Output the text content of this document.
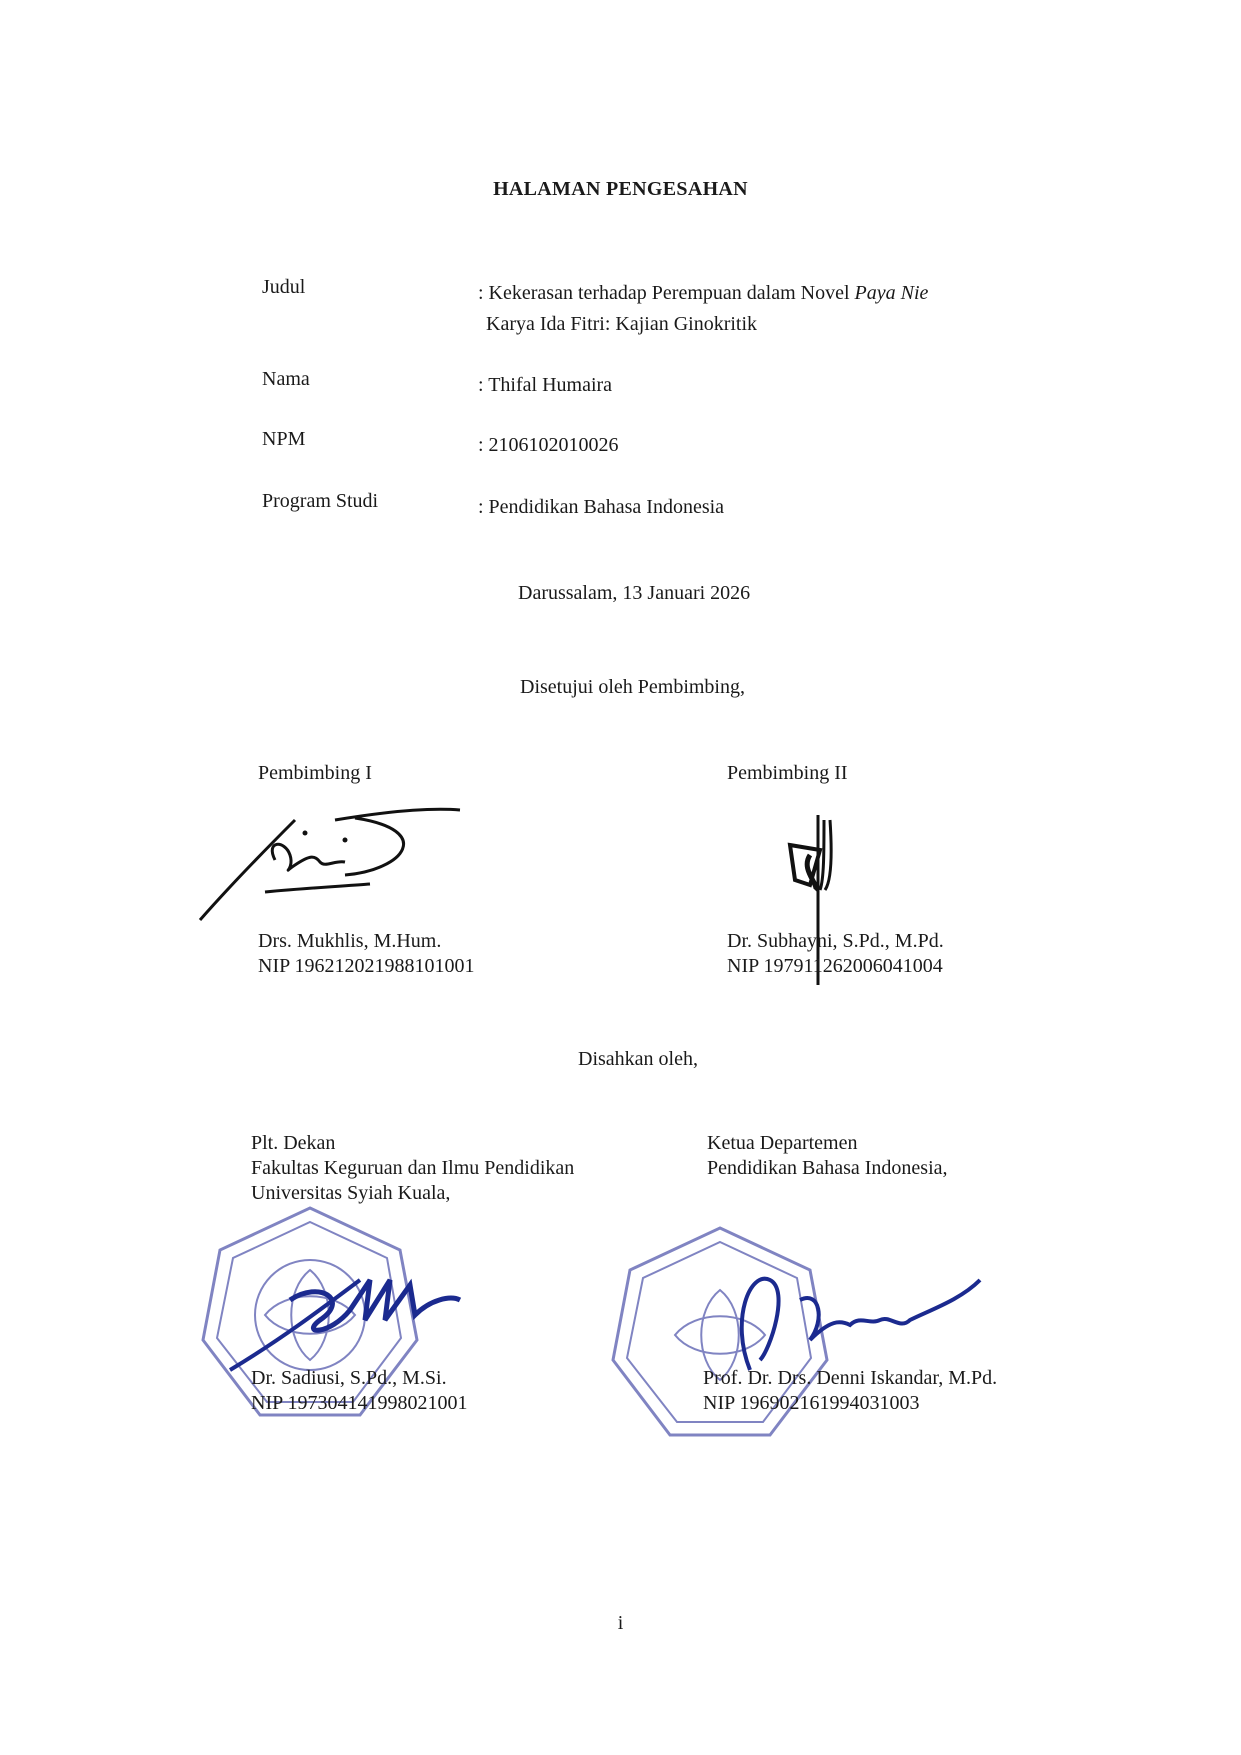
HALAMAN PENGESAHAN
Judul	: Kekerasan terhadap Perempuan dalam Novel Paya Nie
Karya Ida Fitri: Kajian Ginokritik
Nama	: Thifal Humaira
NPM	: 2106102010026
Program Studi	: Pendidikan Bahasa Indonesia
Darussalam, 13 Januari 2026
Disetujui oleh Pembimbing,
Pembimbing I
Drs. Mukhlis, M.Hum.
NIP 196212021988101001
Pembimbing II
Dr. Subhayni, S.Pd., M.Pd.
NIP 197911262006041004
Disahkan oleh,
Plt. Dekan
Fakultas Keguruan dan Ilmu Pendidikan
Universitas Syiah Kuala,
Dr. Sadiusi, S.Pd., M.Si.
NIP 197304141998021001
Ketua Departemen
Pendidikan Bahasa Indonesia,
Prof. Dr. Drs. Denni Iskandar, M.Pd.
NIP 196902161994031003
i
